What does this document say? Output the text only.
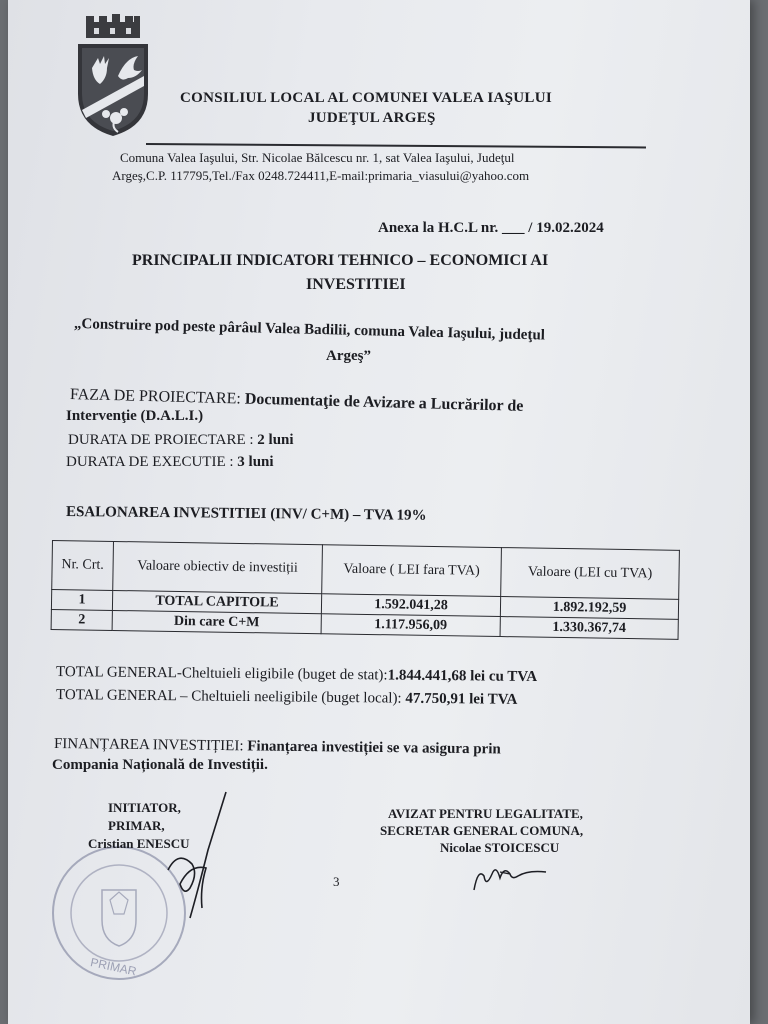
CONSILIUL LOCAL AL COMUNEI VALEA IAŞULUI
JUDEŢUL ARGEŞ
Comuna Valea Iaşului, Str. Nicolae Bălcescu nr. 1, sat Valea Iaşului, Judeţul
Argeş,C.P. 117795,Tel./Fax 0248.724411,E-mail:primaria_viasului@yahoo.com
Anexa la H.C.L nr. ___ / 19.02.2024
PRINCIPALII INDICATORI TEHNICO – ECONOMICI AI
INVESTITIEI
„Construire pod peste pârâul Valea Badilii, comuna Valea Iaşului, judeţul
Argeş”
FAZA DE PROIECTARE: Documentaţie de Avizare a Lucrărilor de
Intervenţie (D.A.L.I.)
DURATA DE PROIECTARE : 2 luni
DURATA DE EXECUTIE : 3 luni
ESALONAREA INVESTITIEI (INV/ C+M) – TVA 19%
Nr. Crt.	Valoare obiectiv de investiții	Valoare ( LEI fara TVA)	Valoare (LEI cu TVA)
1	TOTAL CAPITOLE	1.592.041,28	1.892.192,59
2	Din care C+M	1.117.956,09	1.330.367,74
TOTAL GENERAL-Cheltuieli eligibile (buget de stat):1.844.441,68 lei cu TVA
TOTAL GENERAL – Cheltuieli neeligibile (buget local): 47.750,91 lei TVA
FINANȚAREA INVESTIȚIEI: Finanțarea investiției se va asigura prin
Compania Națională de Investiții.
PRIMAR
INITIATOR,
PRIMAR,
Cristian ENESCU
AVIZAT PENTRU LEGALITATE,
SECRETAR GENERAL COMUNA,
Nicolae STOICESCU
3
